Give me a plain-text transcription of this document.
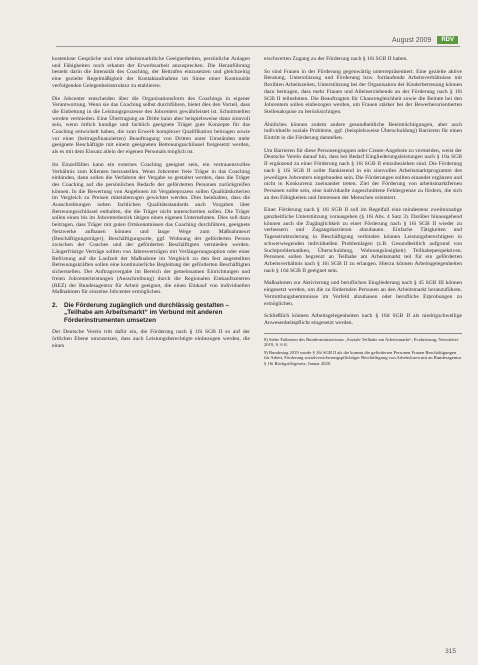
August 2009	RDV

kostenlose Gespräche und eine arbeitsmarktliche Geeignetheiten, persönliche Anlagen und Fähigkeiten noch erkannt der Erwerbsarbeit anzusprechen. Die Heranführung besteht darin die Intensität des Coaching, der Beitrafen einzusetzen und gleichzeitig eine gezielte Regelmäßigkeit der Kontaktaufnahme im Sinne einer Kontinuität verfolgenden Gelegenheitsstruktur zu etablieren.

Die Jobcenter entscheiden über die Organisationsform des Coachings in eigener Verantwortung. Wenn sie das Coaching selbst durchführen, bietet dies den Vorteil, dass die Einbettung in die Leistungsprozesse des Jobcenters gewährleistet ist. Schnittstellen werden vermieden. Eine Übertragung an Dritte kann aber beispielsweise dann sinnvoll sein, wenn örtlich kundige und fachlich geeignete Träger gute Konzepte für das Coaching entwickelt haben, die zum Erwerb komplexer Qualifikation beitragen sowie vor einer (beitragsfinanzierten) Beauftragung von Dritten unter Umständen mehr geeignete Beschäftigte mit einem geeigneten Betreuungsschlüssel freigesetzt werden, als es mit dem Einsatz allein der eigenen Personals möglich ist.

Im Einzelfällen kann ein externes Coaching geeignet sein, ein vertrauensvolles Verhältnis zum Klienten herzustellen. Wenn Jobcenter freie Träger in das Coaching einbinden, dann sollen die Verfahren der Vergabe so gestaltet werden, dass die Träger des Coaching auf die persönlichen Bedarfe der geförderten Personen zurückgreifen können. In die Bewertung von Angeboten im Vergabeprozess sollen Qualitätskriterien im Vergleich zu Preisen miteinbezogen gewichtet werden. Dies beinhalten, dass die Ausschreibungen neben fachlichen Qualitätsstandards auch Vorgaben über Betreuungsschlüssel enthalten, die die Träger nicht unterschreiten sollen. Die Träger sollen einen bis im Jobcenterbezirk tätigen einen eigenen Unternehmen. Dies soll dazu beitragen, dass Träger mit guten Ortskenntnissen das Coaching durchführen, geeignete Netzwerke aufbauen können und lange Wege zum Maßnahmeort (Beschäftigungsträger), Beschäftigungsorte, ggf. Wohnung der geförderten Person zwischen der Coaches und der geförderten Beschäftigten vermieden werden. Längerfristige Verträge sollten von Jahresverträgen mit Verlängerungsoption oder einer Befristung auf die Laufzeit der Maßnahme im Vergleich zu den fest angestellten Betreuungskräften sollen eine kontinuierliche Begleitung der geförderten Beschäftigten sicherstellen. Der Auftragsvergabe im Bereich der gemeinsamen Einrichtungen und freien Jobcenterleistungen (Ausschreibung) durch die Regionalen Einkaufszentren (REZ) der Bundesagentur für Arbeit geeignet, die einen Einkauf von individuellen Maßnahmen für einzelne Jobcenter ermöglichen.

2.	Die Förderung zugänglich und durchlässig gestalten – „Teilhabe am Arbeitsmarkt“ im Verbund mit anderen Förderinstrumenten umsetzen

Der Deutsche Verein tritt dafür ein, die Förderung nach § 16i SGB II so auf der örtlichen Ebene umzusetzen, dass auch Leistungsberechtigte einbezogen werden, die einen

erschwerten Zugang zu der Förderung nach § 16i SGB II haben.

So sind Frauen in der Förderung gegenwärtig unterrepräsentiert. Eine gezielte aktive Beratung, Unterstützung und Förderung bzw. fortlaufende Arbeitsverhältnisse mit flexiblen Arbeitszeiten, Unterstützung bei der Organisation der Kinderbetreuung können dazu beitragen, dass mehr Frauen und Alleinerziehende an der Förderung nach § 16i SGB II teilnehmen. Die Beauftragten für Chancengleichheit sowie die Beirate bei den Jobcentern sollen einbezogen werden, um Frauen stärker bei der Bewerberorientierten Stellenakquise zu berücksichtigen.

Ähnliches können zudem andere gesundheitliche Beeinträchtigungen, aber auch individuelle soziale Probleme, ggf. (beispielsweise Überschuldung) Barrieren für einen Eintritt in die Förderung darstellen.

Um Barrieren für diese Personengruppen oder Create-Angebote zu vermeiden, weist der Deutsche Verein darauf hin, dass bei Bedarf Eingliederungsleistungen nach § 16a SGB II ergänzend zu einer Förderung nach § 16i SGB II einzubeziehen sind. Die Förderung nach § 16i SGB II sollte flankierend in ein sinnvolles Arbeitsmarktprogramm des jeweiligen Jobcenters eingebunden sein. Die Förderungen sollten einander ergänzen und nicht in Konkurrenz zueinander treten. Ziel der Förderung von arbeitsmarktfernen Personen sollte sein, eine individuelle zugeschnittene Fehlergrenze zu fördern, die sich an den Fähigkeiten und Interessen der Menschen orientiert.

Einer Förderung nach § 16i SGB II soll im Regelfall eine mindestens zweimonatige ganzheitliche Unterstützung vorausgehen (§ 16i Abs. 4 Satz 3). Darüber hinausgehend können auch die Zugänglichkeit zu einer Förderung nach § 16i SGB II wieder zu verbessern und Zugangsbarrieren abzubauen. Einfache Tätigkeiten und Tagesstrukturierung in Beschäftigung verbinden können Leistungsberechtigten in schwerwiegenden individuellen Problemlagen (z.B. Gesundheitlich aufgrund von Suchtproblematiken, Überschuldung, Wohnungslosigkeit) Teilhabeperspektiven. Personen sollen begrenzt an Teilhabe am Arbeitsmarkt teil für ein geförderten Arbeitsverhältnis nach § 16i SGB II zu erlangen. Hierzu können Arbeitsgelegenheiten nach § 16d SGB II geeignet sein.

Maßnahmen zur Aktivierung und beruflichen Eingliederung nach § 45 SGB III können eingesetzt werden, um die zu fördernden Personen an den Arbeitsmarkt heranzuführen. Vermittlungshemmnisse im Vorfeld abzubauen oder berufliche Erprobungen zu ermöglichen.

Schließlich können Arbeitsgelegenheiten nach § 16d SGB II als niedrigschwellige Anwesenheitspflicht eingesetzt werden.

8) Siehe Fußnoten des Bundesministeriums „Soziale Teilhabe am Arbeitsmarkt“, Evaluierung, Newsletter 2019, S. 6 ff.

9) Bundestag 2019 wurde § 16i SGB II als die kommt die geförderten Personen Frauen Beschäftigungen für Arbeit, Förderung sozialversicherungspflichtiger Beschäftigung von Arbeitslosen mit an Bundesagentur § 16i Rückgriffsgesetz, Januar 2020.

315
